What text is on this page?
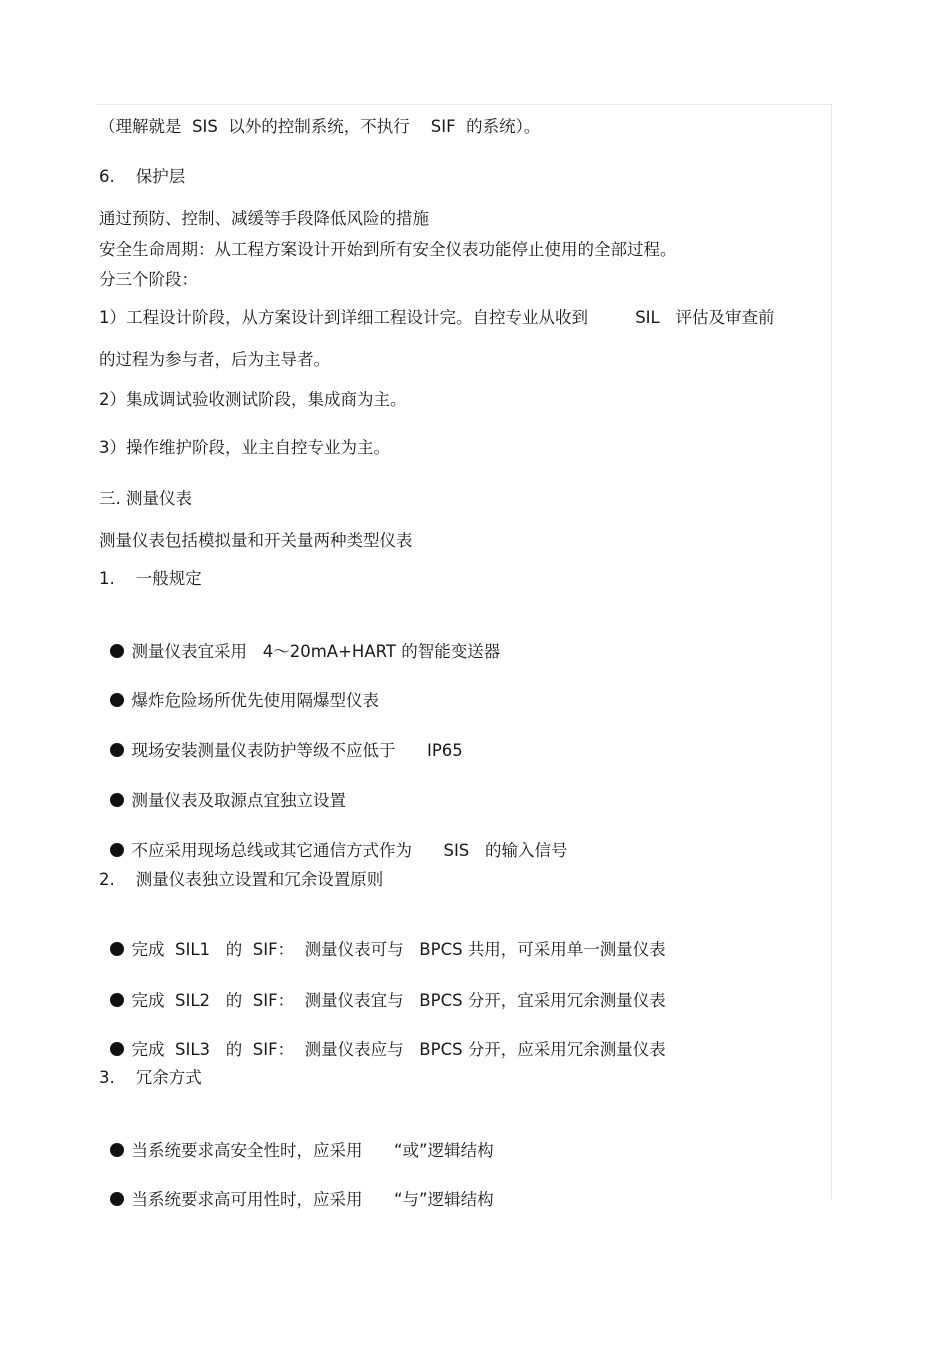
（理解就是  SIS  以外的控制系统，不执行    SIF  的系统）。

6.    保护层

通过预防、控制、减缓等手段降低风险的措施

安全生命周期：从工程方案设计开始到所有安全仪表功能停止使用的全部过程。

分三个阶段：

1）工程设计阶段，从方案设计到详细工程设计完。自控专业从收到         SIL   评估及审查前

的过程为参与者，后为主导者。

2）集成调试验收测试阶段，集成商为主。

3）操作维护阶段，业主自控专业为主。

三. 测量仪表

测量仪表包括模拟量和开关量两种类型仪表

1.    一般规定

测量仪表宜采用   4～20mA+HART 的智能变送器

爆炸危险场所优先使用隔爆型仪表

现场安装测量仪表防护等级不应低于      IP65

测量仪表及取源点宜独立设置

不应采用现场总线或其它通信方式作为      SIS   的输入信号

2.    测量仪表独立设置和冗余设置原则

完成  SIL1   的  SIF：  测量仪表可与   BPCS 共用，可采用单一测量仪表

完成  SIL2   的  SIF：  测量仪表宜与   BPCS 分开，宜采用冗余测量仪表

完成  SIL3   的  SIF：  测量仪表应与   BPCS 分开，应采用冗余测量仪表

3.    冗余方式

当系统要求高安全性时，应采用      “或”逻辑结构

当系统要求高可用性时，应采用      “与”逻辑结构
